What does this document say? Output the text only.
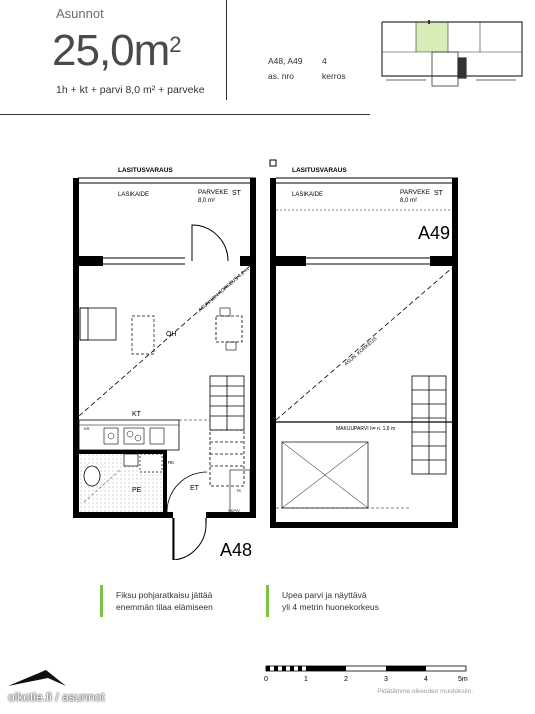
Asunnot
$25,0m^2$
1h + kt + parvi 8,0 m² + parveke
A48, A49
as. nro
4
kerros
LASITUSVARAUS
LASIKAIDE	PARVEKE ST
8,0 m²
ASUNNON KORKEUS 4,2 m
OH
KT
KR
PE
RK
ET	TK
SKP/V
LASITUSVARAUS
LASIKAIDE	PARVEKE ST
8,0 m²
ASUN. KORKEUS
MAKUUPARVI h= n. 1,6 m
A48
A49
Fiksu pohjaratkaisu jättää
enemmän tilaa elämiseen
Upea parvi ja näyttävä
yli 4 metrin huonekorkeus
0	1	2	3	4	5m
Pidätämme oikeuden muutoksiin.
oikotie.fi / asunnot
